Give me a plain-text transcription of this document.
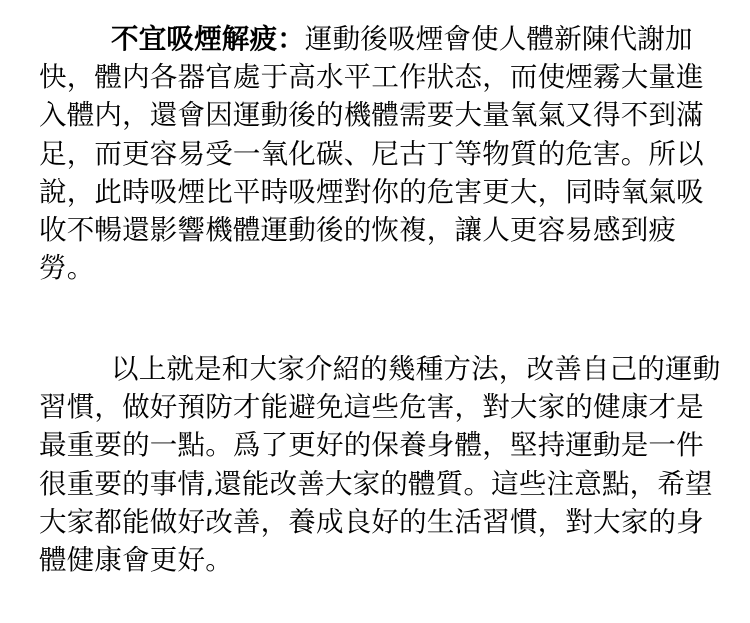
不宜吸煙解疲：運動後吸煙會使人體新陳代謝加快，體内各器官處于高水平工作狀态，而使煙霧大量進入體内，還會因運動後的機體需要大量氧氣又得不到滿足，而更容易受一氧化碳、尼古丁等物質的危害。所以說，此時吸煙比平時吸煙對你的危害更大，同時氧氣吸收不暢還影響機體運動後的恢複，讓人更容易感到疲勞。

以上就是和大家介紹的幾種方法，改善自己的運動習慣，做好預防才能避免這些危害，對大家的健康才是最重要的一點。爲了更好的保養身體，堅持運動是一件很重要的事情,還能改善大家的體質。這些注意點，希望大家都能做好改善，養成良好的生活習慣，對大家的身體健康會更好。
